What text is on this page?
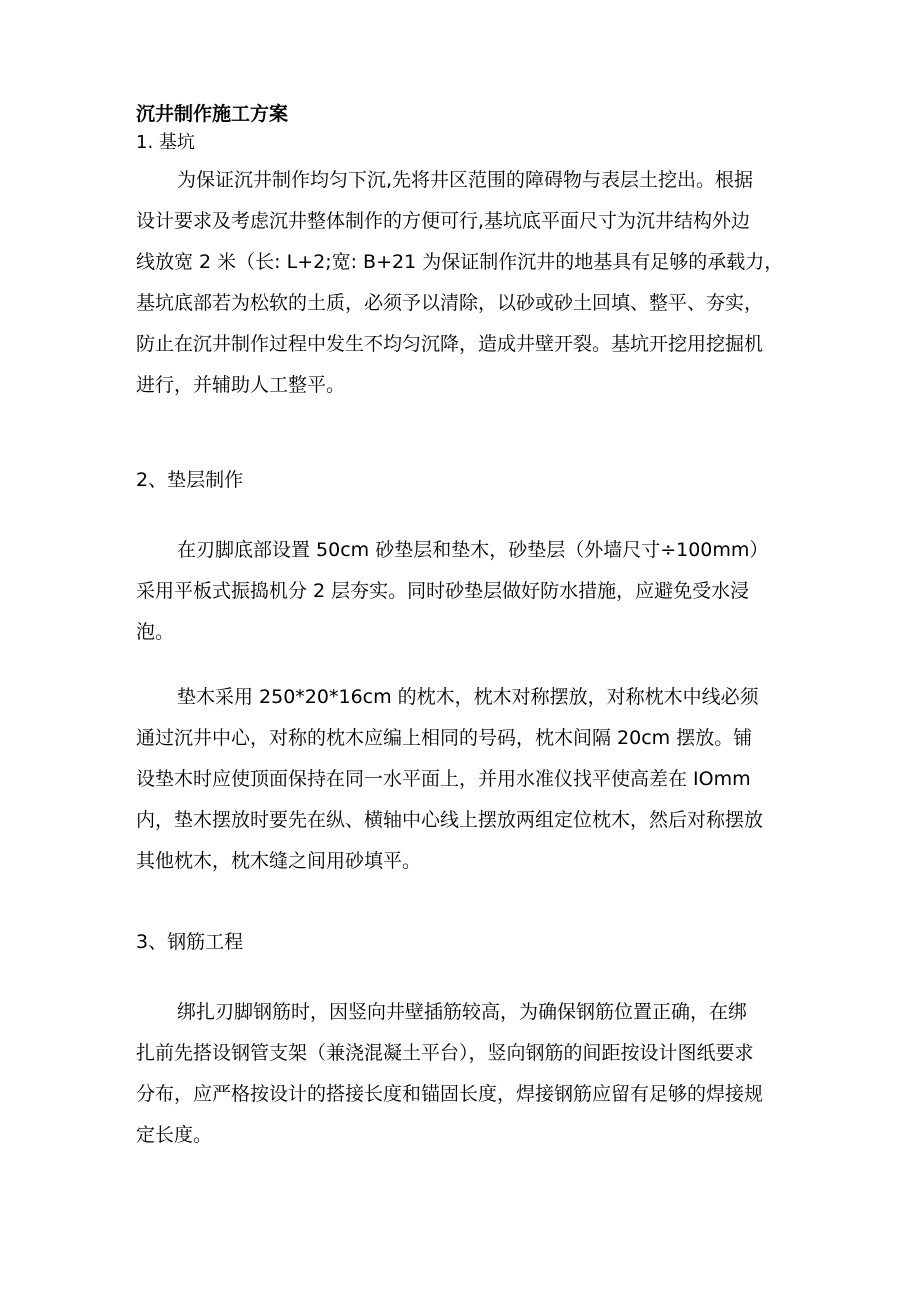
沉井制作施工方案
1. 基坑
为保证沉井制作均匀下沉,先将井区范围的障碍物与表层土挖出。根据
设计要求及考虑沉井整体制作的方便可行,基坑底平面尺寸为沉井结构外边
线放宽 2 米（长: L+2;宽: B+21 为保证制作沉井的地基具有足够的承载力，
基坑底部若为松软的土质，必须予以清除，以砂或砂土回填、整平、夯实，
防止在沉井制作过程中发生不均匀沉降，造成井壁开裂。基坑开挖用挖掘机
进行，并辅助人工整平。
2、垫层制作
在刃脚底部设置 50cm 砂垫层和垫木，砂垫层（外墙尺寸÷100mm）
采用平板式振捣机分 2 层夯实。同时砂垫层做好防水措施，应避免受水浸
泡。
垫木采用 250*20*16cm 的枕木，枕木对称摆放，对称枕木中线必须
通过沉井中心，对称的枕木应编上相同的号码，枕木间隔 20cm 摆放。铺
设垫木时应使顶面保持在同一水平面上，并用水准仪找平使高差在 IOmm
内，垫木摆放时要先在纵、横轴中心线上摆放两组定位枕木，然后对称摆放
其他枕木，枕木缝之间用砂填平。
3、钢筋工程
绑扎刃脚钢筋时，因竖向井壁插筋较高，为确保钢筋位置正确，在绑
扎前先搭设钢管支架（兼浇混凝土平台），竖向钢筋的间距按设计图纸要求
分布，应严格按设计的搭接长度和锚固长度，焊接钢筋应留有足够的焊接规
定长度。
